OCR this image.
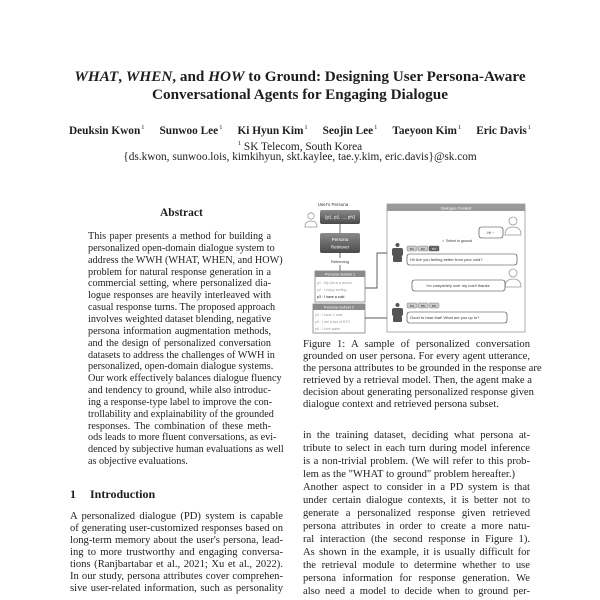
WHAT, WHEN, and HOW to Ground: Designing User Persona-Aware
Conversational Agents for Engaging Dialogue
Deuksin Kwon$^1$ Sunwoo Lee$^1$ Ki Hyun Kim$^1$ Seojin Lee$^1$ Taeyoon Kim$^1$ Eric Davis$^1$
$^1$ SK Telecom, South Korea
{ds.kwon, sunwoo.lois, kimkihyun, skt.kaylee, tae.y.kim, eric.davis}@sk.com
Abstract
This paper presents a method for building a
personalized open-domain dialogue system to
address the WWH (WHAT, WHEN, and HOW)
problem for natural response generation in a
commercial setting, where personalized dia-
logue responses are heavily interleaved with
casual response turns. The proposed approach
involves weighted dataset blending, negative
persona information augmentation methods,
and the design of personalized conversation
datasets to address the challenges of WWH in
personalized, open-domain dialogue systems.
Our work effectively balances dialogue fluency
and tendency to ground, while also introduc-
ing a response-type label to improve the con-
trollability and explainability of the grounded
responses. The combination of these meth-
ods leads to more fluent conversations, as evi-
denced by subjective human evaluations as well
as objective evaluations.
1 Introduction
A personalized dialogue (PD) system is capable
of generating user-customized responses based on
long-term memory about the user's persona, lead-
ing to more trustworthy and engaging conversa-
tions (Ranjbartabar et al., 2021; Xu et al., 2022).
In our study, persona attributes cover comprehen-
sive user-related information, such as personality
User's Persona
{p1, p2, ..., pN}
Persona
Retriever
Retrieving
Persona Subset 1
p1 : My job is a doctor
p2 : I enjoy surfing
p3 : I have a cold
Persona Subset 2
p4 : I have 2 cats
p5 : I am a fan of BTS
p6 : I love water
Dialogue Context
Hi ~
✓ Select to ground
P1 P2 P3
Hi! Are you feeling better from your cold?
I'm completely over my cold! thanks
P4 P5 P6
Good to hear that! What are you up to?
Figure 1: A sample of personalized conversation
grounded on user persona. For every agent utterance,
the persona attributes to be grounded in the response are
retrieved by a retrieval model. Then, the agent make a
decision about generating personalized response given
dialogue context and retrieved persona subset.
in the training dataset, deciding what persona at-
tribute to select in each turn during model inference
is a non-trivial problem. (We will refer to this prob-
lem as the "WHAT to ground" problem hereafter.)
Another aspect to consider in a PD system is that
under certain dialogue contexts, it is better not to
generate a personalized response given retrieved
persona attributes in order to create a more natu-
ral interaction (the second response in Figure 1).
As shown in the example, it is usually difficult for
the retrieval module to determine whether to use
persona information for response generation. We
also need a model to decide when to ground per-
